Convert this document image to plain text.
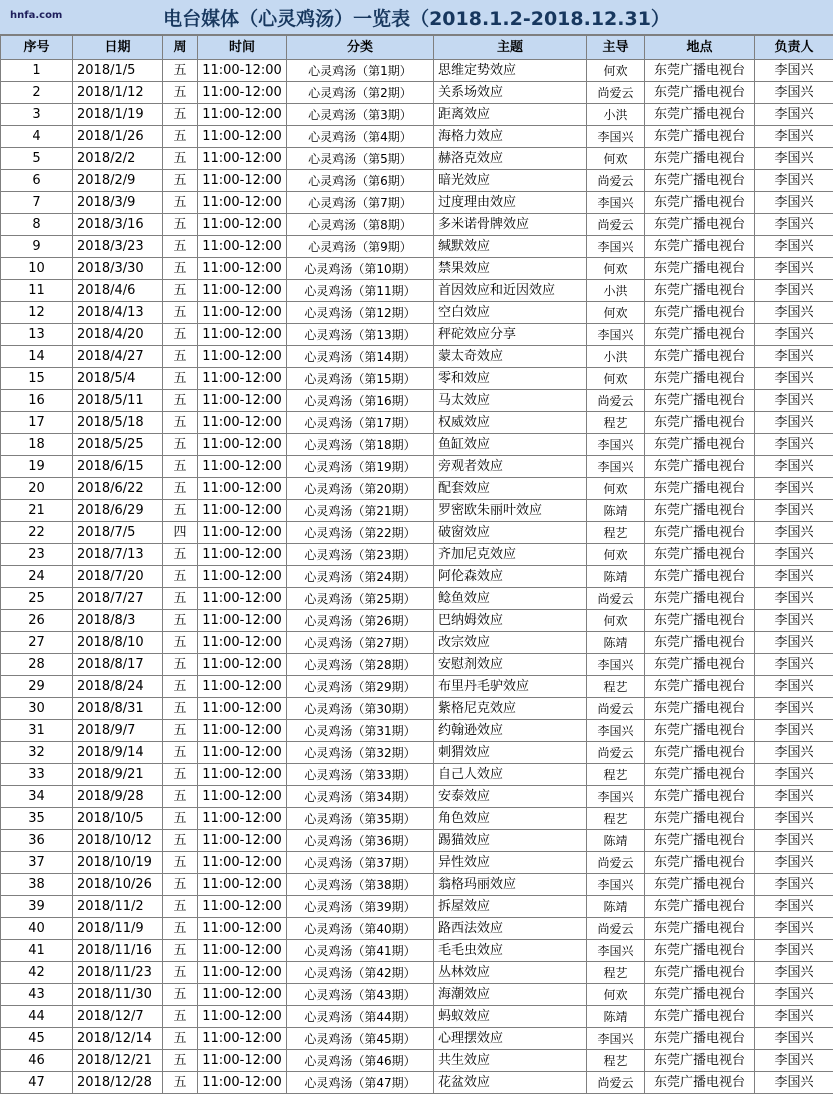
hnfa.com	电台媒体（心灵鸡汤）一览表（2018.1.2-2018.12.31）
序号	日期	周	时间	分类	主题	主导	地点	负责人
1	2018/1/5	五	11:00-12:00	心灵鸡汤（第1期）	思维定势效应	何欢	东莞广播电视台	李国兴
2	2018/1/12	五	11:00-12:00	心灵鸡汤（第2期）	关系场效应	尚爱云	东莞广播电视台	李国兴
3	2018/1/19	五	11:00-12:00	心灵鸡汤（第3期）	距离效应	小洪	东莞广播电视台	李国兴
4	2018/1/26	五	11:00-12:00	心灵鸡汤（第4期）	海格力效应	李国兴	东莞广播电视台	李国兴
5	2018/2/2	五	11:00-12:00	心灵鸡汤（第5期）	赫洛克效应	何欢	东莞广播电视台	李国兴
6	2018/2/9	五	11:00-12:00	心灵鸡汤（第6期）	暗光效应	尚爱云	东莞广播电视台	李国兴
7	2018/3/9	五	11:00-12:00	心灵鸡汤（第7期）	过度理由效应	李国兴	东莞广播电视台	李国兴
8	2018/3/16	五	11:00-12:00	心灵鸡汤（第8期）	多米诺骨牌效应	尚爱云	东莞广播电视台	李国兴
9	2018/3/23	五	11:00-12:00	心灵鸡汤（第9期）	缄默效应	李国兴	东莞广播电视台	李国兴
10	2018/3/30	五	11:00-12:00	心灵鸡汤（第10期）	禁果效应	何欢	东莞广播电视台	李国兴
11	2018/4/6	五	11:00-12:00	心灵鸡汤（第11期）	首因效应和近因效应	小洪	东莞广播电视台	李国兴
12	2018/4/13	五	11:00-12:00	心灵鸡汤（第12期）	空白效应	何欢	东莞广播电视台	李国兴
13	2018/4/20	五	11:00-12:00	心灵鸡汤（第13期）	秤砣效应分享	李国兴	东莞广播电视台	李国兴
14	2018/4/27	五	11:00-12:00	心灵鸡汤（第14期）	蒙太奇效应	小洪	东莞广播电视台	李国兴
15	2018/5/4	五	11:00-12:00	心灵鸡汤（第15期）	零和效应	何欢	东莞广播电视台	李国兴
16	2018/5/11	五	11:00-12:00	心灵鸡汤（第16期）	马太效应	尚爱云	东莞广播电视台	李国兴
17	2018/5/18	五	11:00-12:00	心灵鸡汤（第17期）	权威效应	程艺	东莞广播电视台	李国兴
18	2018/5/25	五	11:00-12:00	心灵鸡汤（第18期）	鱼缸效应	李国兴	东莞广播电视台	李国兴
19	2018/6/15	五	11:00-12:00	心灵鸡汤（第19期）	旁观者效应	李国兴	东莞广播电视台	李国兴
20	2018/6/22	五	11:00-12:00	心灵鸡汤（第20期）	配套效应	何欢	东莞广播电视台	李国兴
21	2018/6/29	五	11:00-12:00	心灵鸡汤（第21期）	罗密欧朱丽叶效应	陈靖	东莞广播电视台	李国兴
22	2018/7/5	四	11:00-12:00	心灵鸡汤（第22期）	破窗效应	程艺	东莞广播电视台	李国兴
23	2018/7/13	五	11:00-12:00	心灵鸡汤（第23期）	齐加尼克效应	何欢	东莞广播电视台	李国兴
24	2018/7/20	五	11:00-12:00	心灵鸡汤（第24期）	阿伦森效应	陈靖	东莞广播电视台	李国兴
25	2018/7/27	五	11:00-12:00	心灵鸡汤（第25期）	鲶鱼效应	尚爱云	东莞广播电视台	李国兴
26	2018/8/3	五	11:00-12:00	心灵鸡汤（第26期）	巴纳姆效应	何欢	东莞广播电视台	李国兴
27	2018/8/10	五	11:00-12:00	心灵鸡汤（第27期）	改宗效应	陈靖	东莞广播电视台	李国兴
28	2018/8/17	五	11:00-12:00	心灵鸡汤（第28期）	安慰剂效应	李国兴	东莞广播电视台	李国兴
29	2018/8/24	五	11:00-12:00	心灵鸡汤（第29期）	布里丹毛驴效应	程艺	东莞广播电视台	李国兴
30	2018/8/31	五	11:00-12:00	心灵鸡汤（第30期）	紫格尼克效应	尚爱云	东莞广播电视台	李国兴
31	2018/9/7	五	11:00-12:00	心灵鸡汤（第31期）	约翰逊效应	李国兴	东莞广播电视台	李国兴
32	2018/9/14	五	11:00-12:00	心灵鸡汤（第32期）	刺猬效应	尚爱云	东莞广播电视台	李国兴
33	2018/9/21	五	11:00-12:00	心灵鸡汤（第33期）	自己人效应	程艺	东莞广播电视台	李国兴
34	2018/9/28	五	11:00-12:00	心灵鸡汤（第34期）	安泰效应	李国兴	东莞广播电视台	李国兴
35	2018/10/5	五	11:00-12:00	心灵鸡汤（第35期）	角色效应	程艺	东莞广播电视台	李国兴
36	2018/10/12	五	11:00-12:00	心灵鸡汤（第36期）	踢猫效应	陈靖	东莞广播电视台	李国兴
37	2018/10/19	五	11:00-12:00	心灵鸡汤（第37期）	异性效应	尚爱云	东莞广播电视台	李国兴
38	2018/10/26	五	11:00-12:00	心灵鸡汤（第38期）	翁格玛丽效应	李国兴	东莞广播电视台	李国兴
39	2018/11/2	五	11:00-12:00	心灵鸡汤（第39期）	拆屋效应	陈靖	东莞广播电视台	李国兴
40	2018/11/9	五	11:00-12:00	心灵鸡汤（第40期）	路西法效应	尚爱云	东莞广播电视台	李国兴
41	2018/11/16	五	11:00-12:00	心灵鸡汤（第41期）	毛毛虫效应	李国兴	东莞广播电视台	李国兴
42	2018/11/23	五	11:00-12:00	心灵鸡汤（第42期）	丛林效应	程艺	东莞广播电视台	李国兴
43	2018/11/30	五	11:00-12:00	心灵鸡汤（第43期）	海潮效应	何欢	东莞广播电视台	李国兴
44	2018/12/7	五	11:00-12:00	心灵鸡汤（第44期）	蚂蚁效应	陈靖	东莞广播电视台	李国兴
45	2018/12/14	五	11:00-12:00	心灵鸡汤（第45期）	心理摆效应	李国兴	东莞广播电视台	李国兴
46	2018/12/21	五	11:00-12:00	心灵鸡汤（第46期）	共生效应	程艺	东莞广播电视台	李国兴
47	2018/12/28	五	11:00-12:00	心灵鸡汤（第47期）	花盆效应	尚爱云	东莞广播电视台	李国兴
